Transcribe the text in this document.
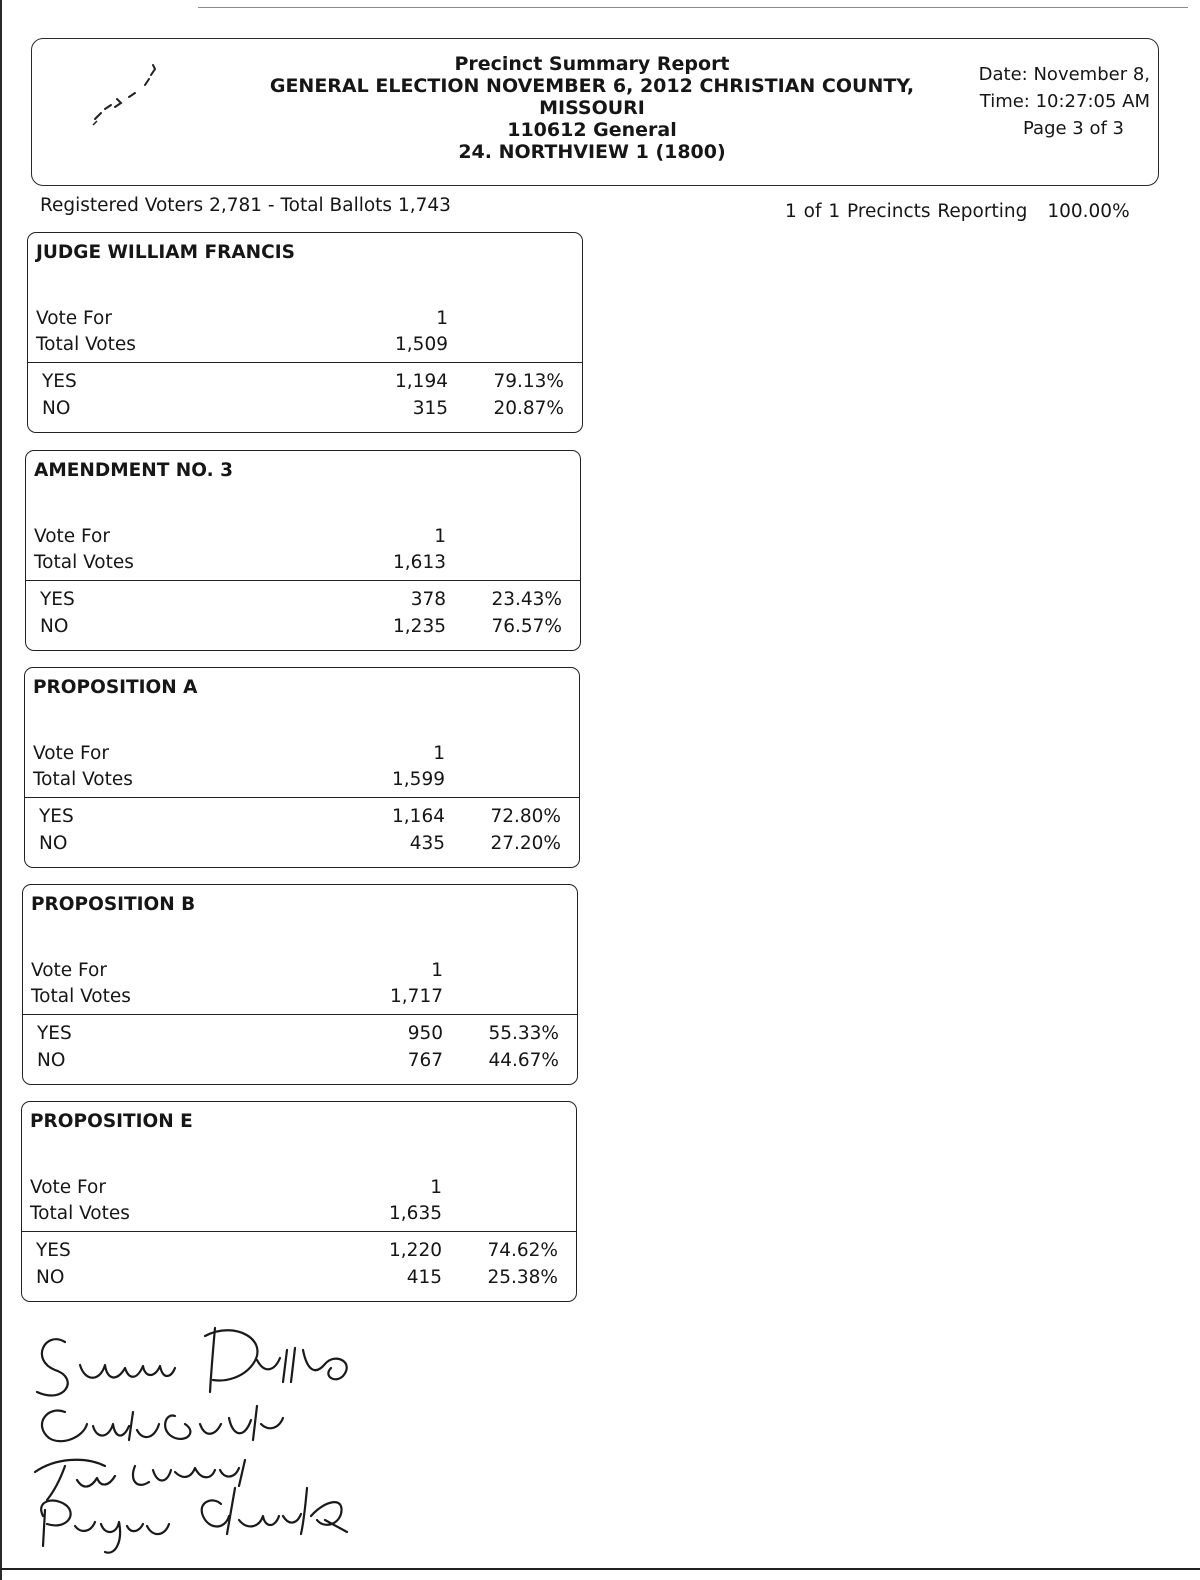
Precinct Summary Report
GENERAL ELECTION NOVEMBER 6, 2012 CHRISTIAN COUNTY,
MISSOURI
110612 General
24. NORTHVIEW 1 (1800)
Date: November 8,
Time: 10:27:05 AM
Page 3 of 3
Registered Voters 2,781 - Total Ballots 1,743	1 of 1 Precincts Reporting 100.00%
JUDGE WILLIAM FRANCIS
Vote For	1
Total Votes	1,509
YES	1,194 79.13%
NO	315 20.87%
AMENDMENT NO. 3
Vote For	1
Total Votes	1,613
YES	378 23.43%
NO	1,235 76.57%
PROPOSITION A
Vote For	1
Total Votes	1,599
YES	1,164 72.80%
NO	435 27.20%
PROPOSITION B
Vote For	1
Total Votes	1,717
YES	950 55.33%
NO	767 44.67%
PROPOSITION E
Vote For	1
Total Votes	1,635
YES	1,220 74.62%
NO	415 25.38%
